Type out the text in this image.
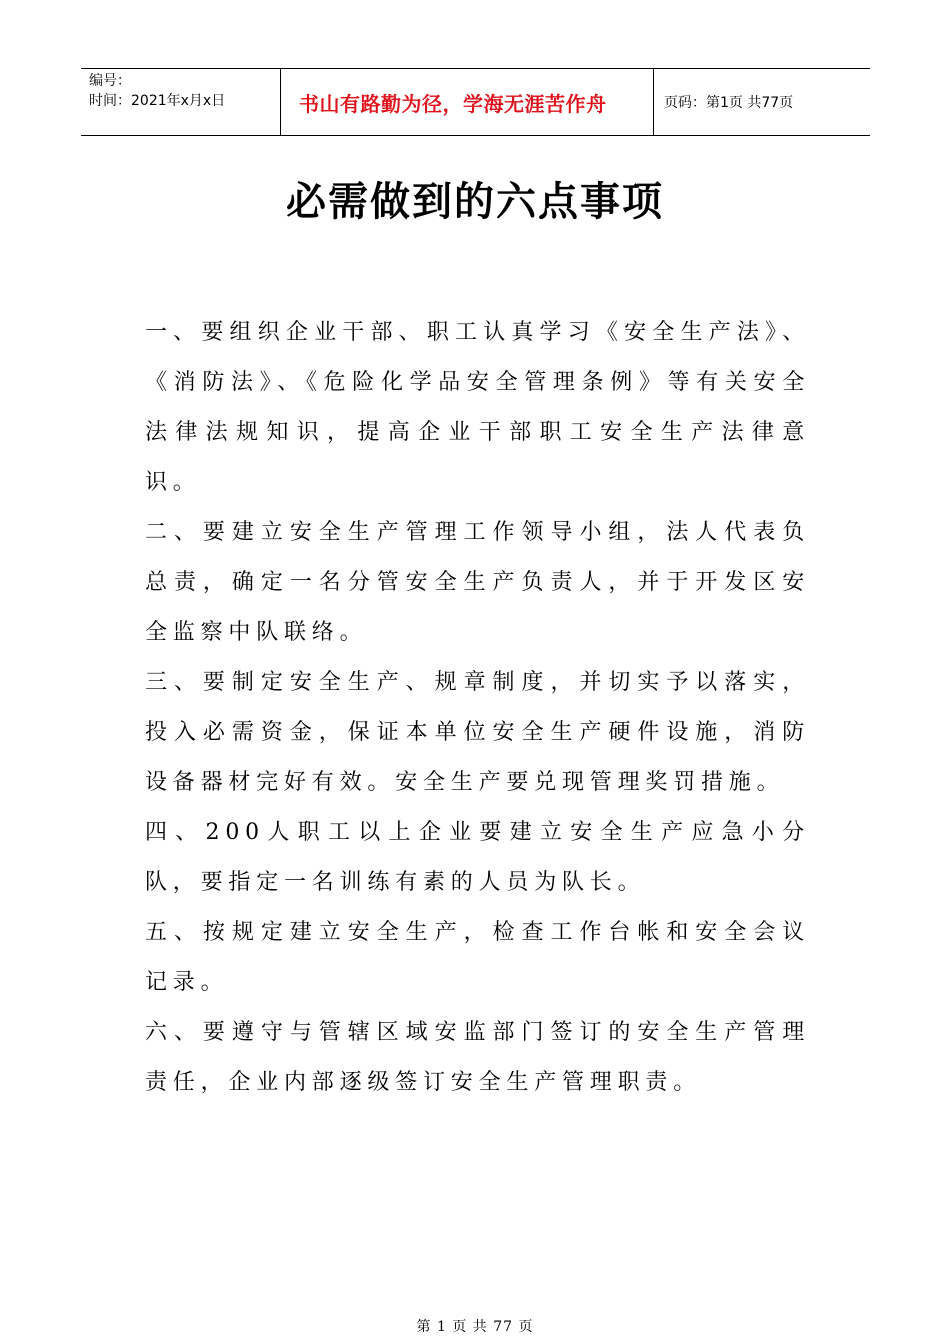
编号：
时间：2021年x月x日	书山有路勤为径，学海无涯苦作舟	页码：第1页 共77页
必需做到的六点事项

一、要组织企业干部、职工认真学习《安全生产法》、《消防法》、《危险化学品安全管理条例》等有关安全法律法规知识，提高企业干部职工安全生产法律意识。

二、要建立安全生产管理工作领导小组，法人代表负总责，确定一名分管安全生产负责人，并于开发区安全监察中队联络。

三、要制定安全生产、规章制度，并切实予以落实，投入必需资金，保证本单位安全生产硬件设施，消防设备器材完好有效。安全生产要兑现管理奖罚措施。

四、200人职工以上企业要建立安全生产应急小分队，要指定一名训练有素的人员为队长。

五、按规定建立安全生产，检查工作台帐和安全会议记录。

六、要遵守与管辖区域安监部门签订的安全生产管理责任，企业内部逐级签订安全生产管理职责。

第 1 页 共 77 页
